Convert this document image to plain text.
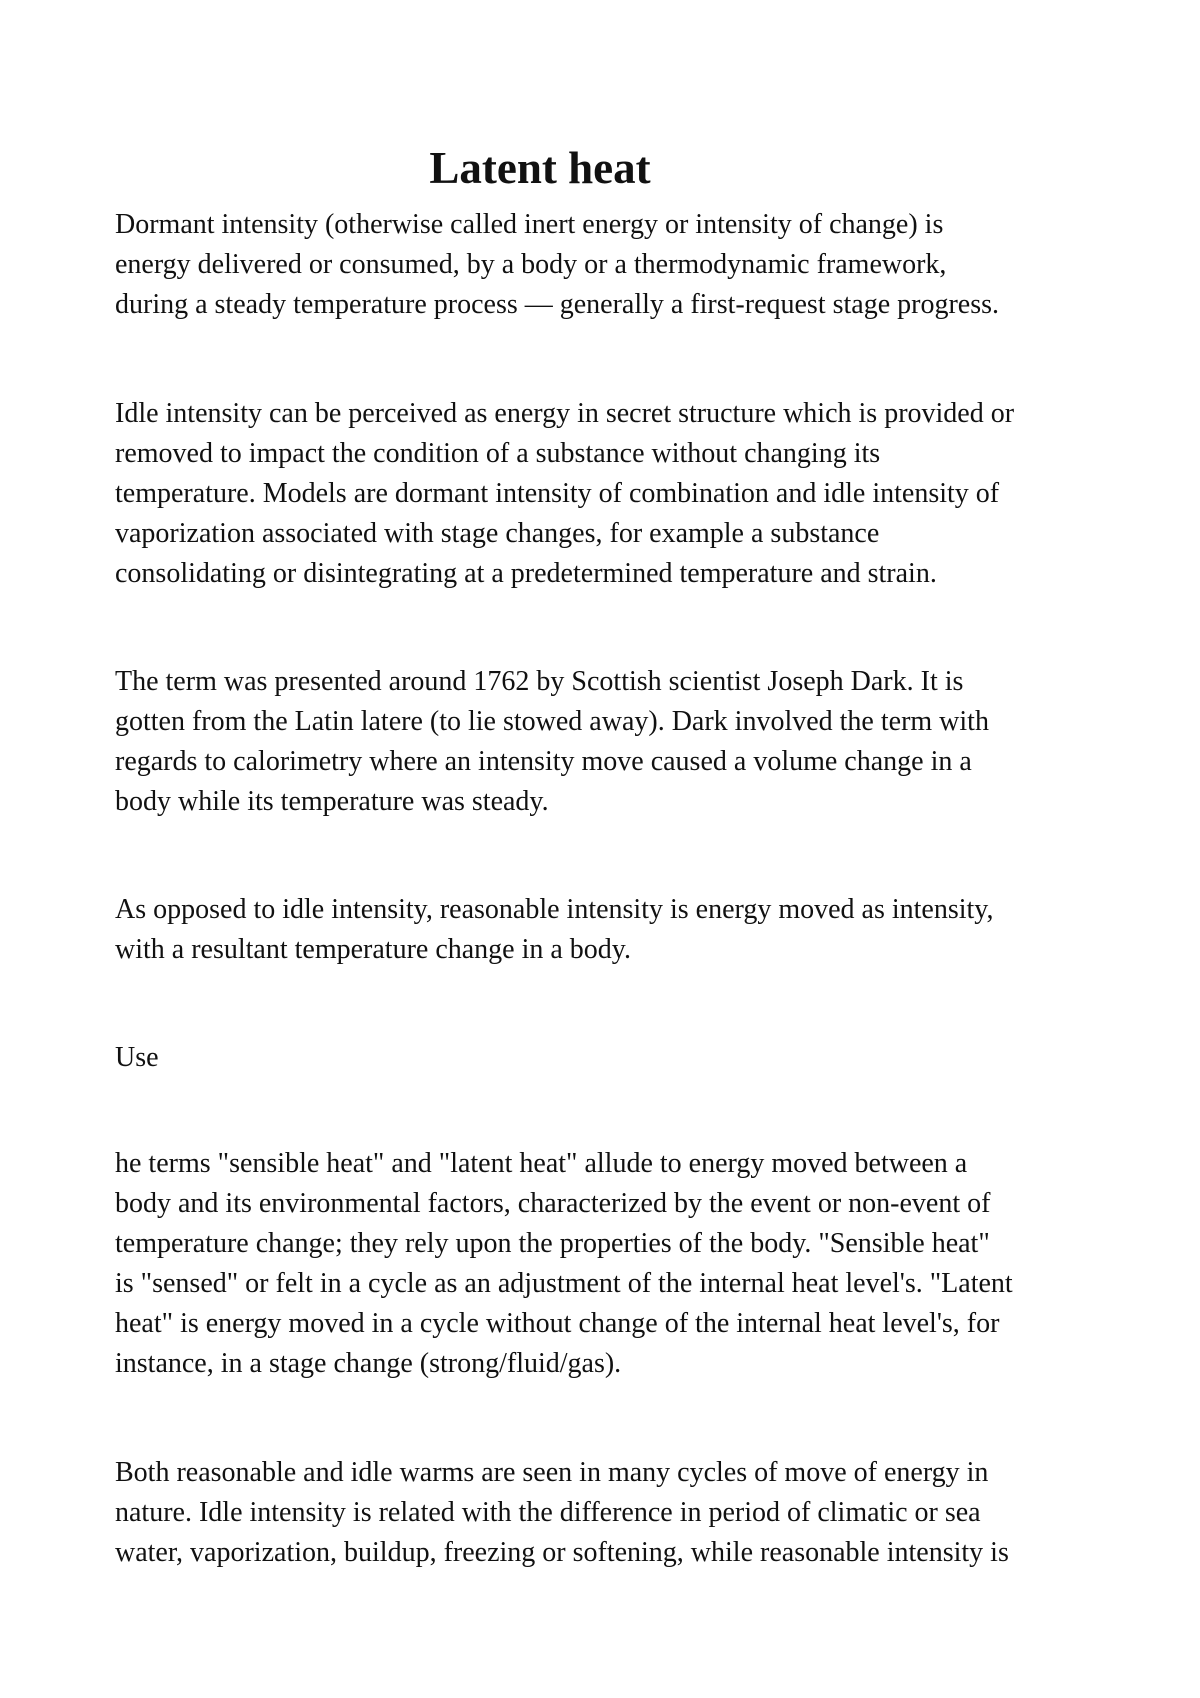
Latent heat

Dormant intensity (otherwise called inert energy or intensity of change) is
energy delivered or consumed, by a body or a thermodynamic framework,
during a steady temperature process — generally a first-request stage progress.

Idle intensity can be perceived as energy in secret structure which is provided or
removed to impact the condition of a substance without changing its
temperature. Models are dormant intensity of combination and idle intensity of
vaporization associated with stage changes, for example a substance
consolidating or disintegrating at a predetermined temperature and strain.

The term was presented around 1762 by Scottish scientist Joseph Dark. It is
gotten from the Latin latere (to lie stowed away). Dark involved the term with
regards to calorimetry where an intensity move caused a volume change in a
body while its temperature was steady.

As opposed to idle intensity, reasonable intensity is energy moved as intensity,
with a resultant temperature change in a body.

Use

he terms "sensible heat" and "latent heat" allude to energy moved between a
body and its environmental factors, characterized by the event or non-event of
temperature change; they rely upon the properties of the body. "Sensible heat"
is "sensed" or felt in a cycle as an adjustment of the internal heat level's. "Latent
heat" is energy moved in a cycle without change of the internal heat level's, for
instance, in a stage change (strong/fluid/gas).

Both reasonable and idle warms are seen in many cycles of move of energy in
nature. Idle intensity is related with the difference in period of climatic or sea
water, vaporization, buildup, freezing or softening, while reasonable intensity is
